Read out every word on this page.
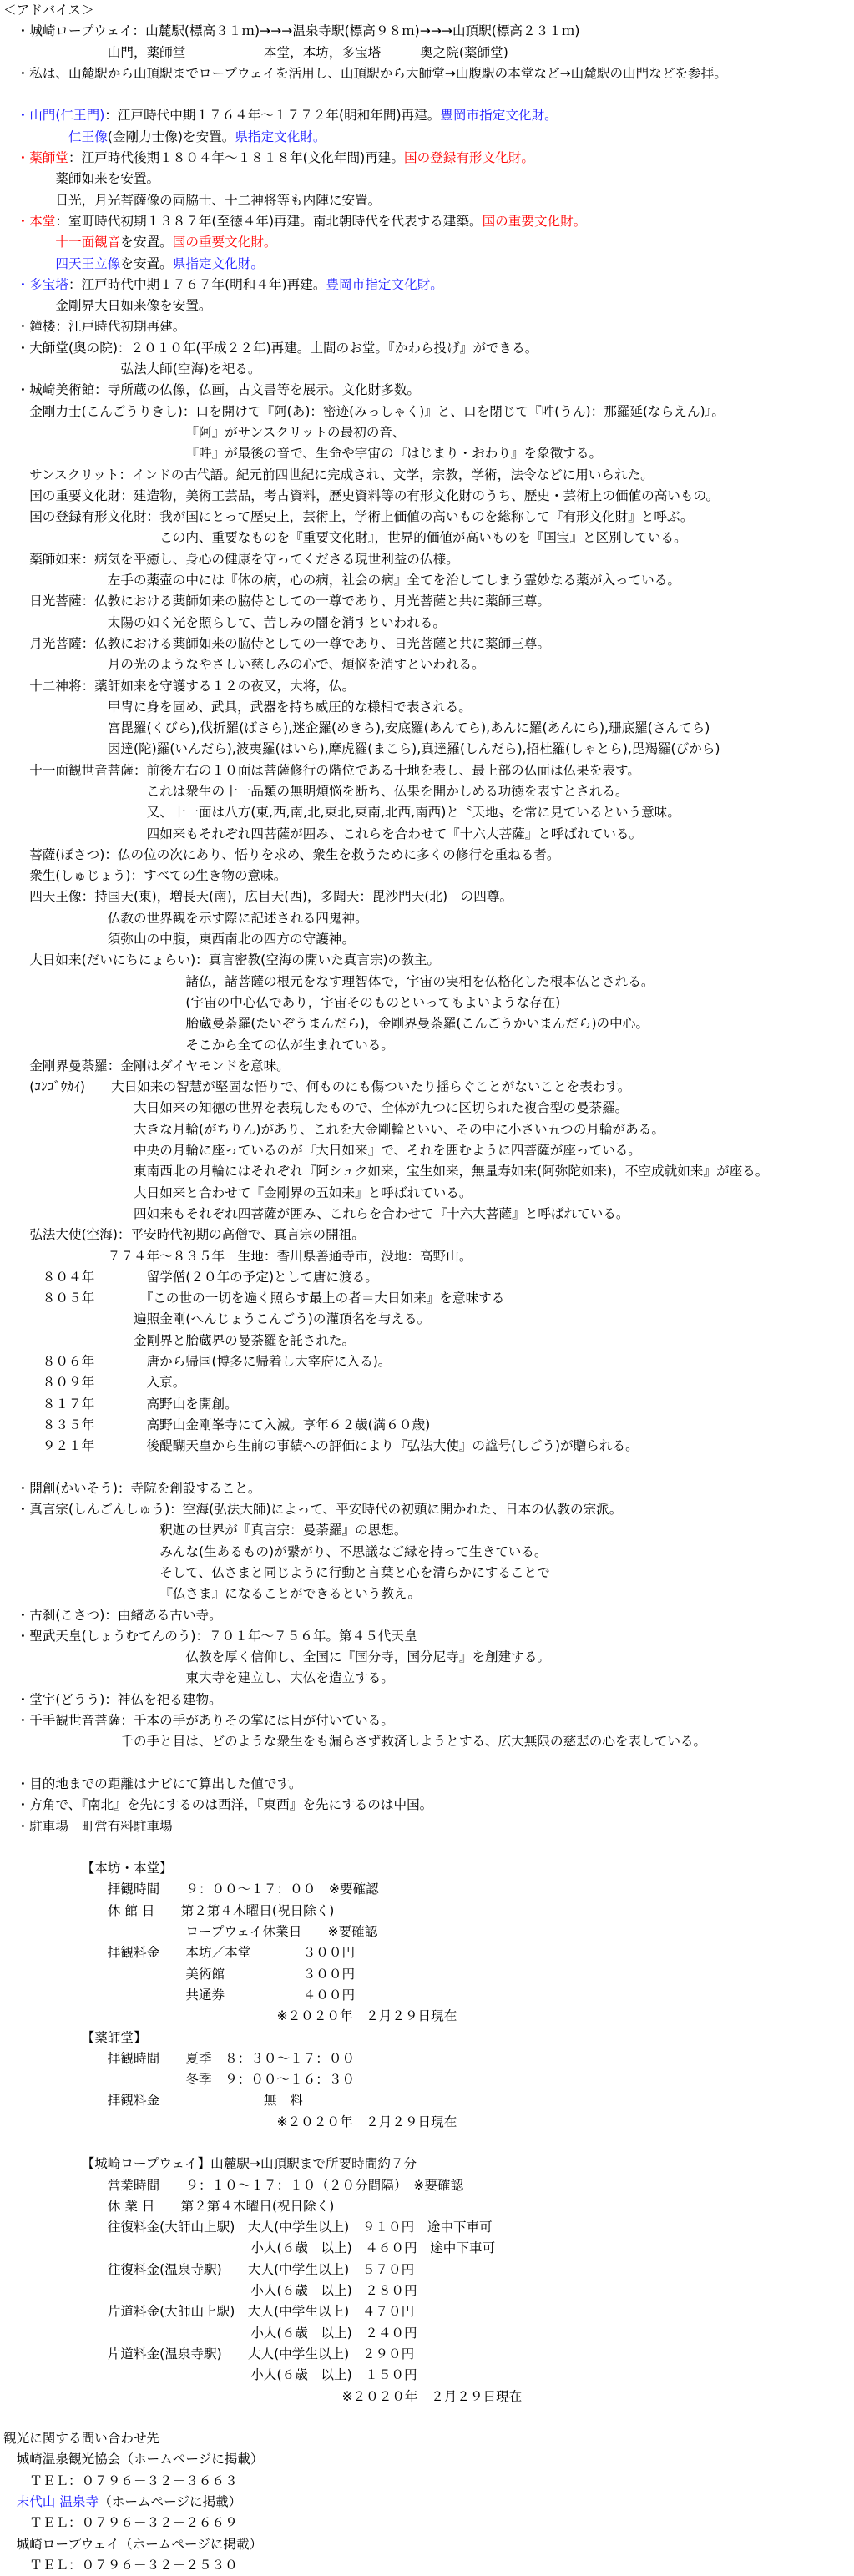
＜アドバイス＞
・城崎ロープウェイ：山麓駅(標高３１ｍ)→→→温泉寺駅(標高９８ｍ)→→→山頂駅(標高２３１ｍ)
山門，薬師堂　　　　　　本堂，本坊，多宝塔　　　奥之院(薬師堂)
・私は、山麓駅から山頂駅までロープウェイを活用し、山頂駅から大師堂→山腹駅の本堂など→山麓駅の山門などを参拝。
・山門(仁王門)：江戸時代中期１７６４年～１７７２年(明和年間)再建。豊岡市指定文化財。
仁王像(金剛力士像)を安置。県指定文化財。
・薬師堂：江戸時代後期１８０４年～１８１８年(文化年間)再建。国の登録有形文化財。
薬師如来を安置。
日光，月光菩薩像の両脇士、十二神将等も内陣に安置。
・本堂：室町時代初期１３８７年(至徳４年)再建。南北朝時代を代表する建築。国の重要文化財。
十一面観音を安置。国の重要文化財。
四天王立像を安置。県指定文化財。
・多宝塔：江戸時代中期１７６７年(明和４年)再建。豊岡市指定文化財。
金剛界大日如来像を安置。
・鐘楼：江戸時代初期再建。
・大師堂(奥の院)：２０１０年(平成２２年)再建。土間のお堂。『かわら投げ』ができる。
弘法大師(空海)を祀る。
・城崎美術館：寺所蔵の仏像，仏画，古文書等を展示。文化財多数。
金剛力士(こんごうりきし)：口を開けて『阿(あ)：密迹(みっしゃく)』と、口を閉じて『吽(うん)：那羅延(ならえん)』。
『阿』がサンスクリットの最初の音、
『吽』が最後の音で、生命や宇宙の『はじまり・おわり』を象徴する。
サンスクリット：インドの古代語。紀元前四世紀に完成され、文学，宗教，学術，法令などに用いられた。
国の重要文化財：建造物，美術工芸品，考古資料，歴史資料等の有形文化財のうち、歴史・芸術上の価値の高いもの。
国の登録有形文化財：我が国にとって歴史上，芸術上，学術上価値の高いものを総称して『有形文化財』と呼ぶ。
この内、重要なものを『重要文化財』，世界的価値が高いものを『国宝』と区別している。
薬師如来：病気を平癒し、身心の健康を守ってくださる現世利益の仏様。
左手の薬壷の中には『体の病，心の病，社会の病』全てを治してしまう霊妙なる薬が入っている。
日光菩薩：仏教における薬師如来の脇侍としての一尊であり、月光菩薩と共に薬師三尊。
太陽の如く光を照らして、苦しみの闇を消すといわれる。
月光菩薩：仏教における薬師如来の脇侍としての一尊であり、日光菩薩と共に薬師三尊。
月の光のようなやさしい慈しみの心で、煩悩を消すといわれる。
十二神将：薬師如来を守護する１２の夜叉，大将，仏。
甲冑に身を固め、武具，武器を持ち威圧的な様相で表される。
宮毘羅(くびら),伐折羅(ばさら),迷企羅(めきら),安底羅(あんてら),あんに羅(あんにら),珊底羅(さんてら)
因達(陀)羅(いんだら),波夷羅(はいら),摩虎羅(まこら),真達羅(しんだら),招杜羅(しゃとら),毘羯羅(びから)
十一面観世音菩薩：前後左右の１０面は菩薩修行の階位である十地を表し、最上部の仏面は仏果を表す。
これは衆生の十一品類の無明煩悩を断ち、仏果を開かしめる功徳を表すとされる。
又、十一面は八方(東,西,南,北,東北,東南,北西,南西)と〝天地〟を常に見ているという意味。
四如来もそれぞれ四菩薩が囲み、これらを合わせて『十六大菩薩』と呼ばれている。
菩薩(ぼさつ)：仏の位の次にあり、悟りを求め、衆生を救うために多くの修行を重ねる者。
衆生(しゅじょう)：すべての生き物の意味。
四天王像：持国天(東)，増長天(南)，広目天(西)，多聞天：毘沙門天(北)　の四尊。
仏教の世界観を示す際に記述される四鬼神。
須弥山の中腹，東西南北の四方の守護神。
大日如来(だいにちにょらい)：真言密教(空海の開いた真言宗)の教主。
諸仏，諸菩薩の根元をなす理智体で，宇宙の実相を仏格化した根本仏とされる。
(宇宙の中心仏であり，宇宙そのものといってもよいような存在)
胎蔵曼荼羅(たいぞうまんだら)，金剛界曼荼羅(こんごうかいまんだら)の中心。
そこから全ての仏が生まれている。
金剛界曼荼羅：金剛はダイヤモンドを意味。
(ｺﾝｺﾞｳｶｲ)　　大日如来の智慧が堅固な悟りで、何ものにも傷ついたり揺らぐことがないことを表わす。
大日如来の知徳の世界を表現したもので、全体が九つに区切られた複合型の曼荼羅。
大きな月輪(がちりん)があり、これを大金剛輪といい、その中に小さい五つの月輪がある。
中央の月輪に座っているのが『大日如来』で、それを囲むように四菩薩が座っている。
東南西北の月輪にはそれぞれ『阿シュク如来，宝生如来，無量寿如来(阿弥陀如来)，不空成就如来』が座る。
大日如来と合わせて『金剛界の五如来』と呼ばれている。
四如来もそれぞれ四菩薩が囲み、これらを合わせて『十六大菩薩』と呼ばれている。
弘法大使(空海)：平安時代初期の高僧で、真言宗の開祖。
７７４年～８３５年　生地：香川県善通寺市，没地：高野山。
　８０４年　　　　留学僧(２０年の予定)として唐に渡る。
　８０５年　　　　『この世の一切を遍く照らす最上の者＝大日如来』を意味する
遍照金剛(へんじょうこんごう)の灌頂名を与える。
金剛界と胎蔵界の曼荼羅を託された。
　８０６年　　　　唐から帰国(博多に帰着し大宰府に入る)。
　８０９年　　　　入京。
　８１７年　　　　高野山を開創。
　８３５年　　　　高野山金剛峯寺にて入滅。享年６２歳(満６０歳)
　９２１年　　　　後醍醐天皇から生前の事績への評価により『弘法大使』の諡号(しごう)が贈られる。
・開創(かいそう)：寺院を創設すること。
・真言宗(しんごんしゅう)：空海(弘法大師)によって、平安時代の初頭に開かれた、日本の仏教の宗派。
釈迦の世界が『真言宗：曼荼羅』の思想。
みんな(生あるもの)が繋がり、不思議なご縁を持って生きている。
そして、仏さまと同じように行動と言葉と心を清らかにすることで
『仏さま』になることができるという教え。
・古刹(こさつ)：由緒ある古い寺。
・聖武天皇(しょうむてんのう)：７０１年～７５６年。第４５代天皇
仏教を厚く信仰し、全国に『国分寺，国分尼寺』を創建する。
東大寺を建立し、大仏を造立する。
・堂宇(どうう)：神仏を祀る建物。
・千手観世音菩薩：千本の手がありその掌には目が付いている。
千の手と目は、どのような衆生をも漏らさず救済しようとする、広大無限の慈悲の心を表している。
・目的地までの距離はナビにて算出した値です。
・方角で、『南北』を先にするのは西洋，『東西』を先にするのは中国。
・駐車場　町営有料駐車場
【本坊・本堂】
拝観時間　　９：００～１７：００　※要確認
休 館 日　　第２第４木曜日(祝日除く)
　　　　　　ロープウェイ休業日　　※要確認
拝観料金　　本坊／本堂　　　　３００円
　　　　　　美術館　　　　　　３００円
　　　　　　共通券　　　　　　４００円
　　　　　　　　　　　　　※２０２０年　２月２９日現在
【薬師堂】
拝観時間　　夏季　８：３０～１７：００
　　　　　　冬季　９：００～１６：３０
拝観料金　　　　　　　　無　料
　　　　　　　　　　　　　※２０２０年　２月２９日現在
【城崎ロープウェイ】山麓駅→山頂駅まで所要時間約７分
営業時間　　９：１０～１７：１０（２０分間隔）　※要確認
休 業 日　　第２第４木曜日(祝日除く)
往復料金(大師山上駅)　大人(中学生以上)　９１０円　途中下車可
　　　　　　　　　　　小人(６歳　以上)　４６０円　途中下車可
往復料金(温泉寺駅)　　大人(中学生以上)　５７０円
　　　　　　　　　　　小人(６歳　以上)　２８０円
片道料金(大師山上駅)　大人(中学生以上)　４７０円
　　　　　　　　　　　小人(６歳　以上)　２４０円
片道料金(温泉寺駅)　　大人(中学生以上)　２９０円
　　　　　　　　　　　小人(６歳　以上)　１５０円
　　　　　　　　　　　　　　　　　　※２０２０年　２月２９日現在
観光に関する問い合わせ先
城崎温泉観光協会（ホームページに掲載）
ＴＥＬ：０７９６－３２－３６６３
末代山 温泉寺（ホームページに掲載）
ＴＥＬ：０７９６－３２－２６６９
城崎ロープウェイ（ホームページに掲載）
ＴＥＬ：０７９６－３２－２５３０
